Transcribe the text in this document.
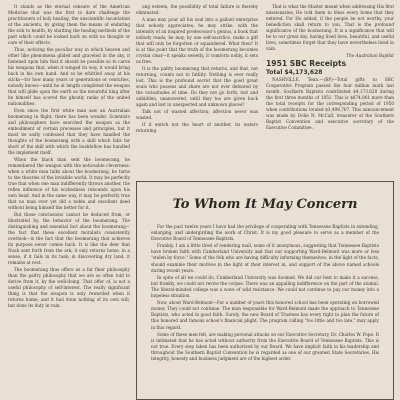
It stands as the eternal censure of the American Medicine that was the first to dare challenge the practitioners of holy healing, the unscientific incantation of the ancients, by giving them the means of enduring the sick to health, by shutting the healing methods of the past which could be looked back on with no thought or care of their effects.

Thus, noticing the peculiar way in which heaven and other like phenomena glided and graveled in the sky, it fastened upon him that it should be possible so to carve his weapons that, when it winged its way, it would bring back in his own hand. And so he whittled away at his sticks—for how many years or generations or centuries, nobody knows—until he at length completed the weapon that will glide upon the earth as the mournful king after he himself has scored the ghostly ranks of the united nationalities.

Even since the first white man saw an Australian boomerang in flight, there has been wonder. Scientists and philosophers have searched the weapon as the embodiment of certain processes and principles, but it must be sadly confessed that they have handled the thoughts of the boomerang with a skill which falls far short of the skill with which the bushfellow has handled the implement itself.

When the black man sent the boomerang, he remembered the weapon with the noticeable cleverness: when a white man talks about the boomerang, he turns to the theories of the invisible world. It may be perfectly true that when one man indifferently throws another, the reflex influence of his wickedness rebounds upon his own head. And in the same way, it may be perfectly true that no man ever yet did a noble and excellent deed without being himself the better for it.

But these conclusions cannot be deduced from, or illustrated by, the behavior of the boomerang. The distinguishing and essential fact about the boomerang—the fact that these excellent moralists consistently overlook—is the fact that the boomerang that achieves its purpose never comes back. It is like the deer that Noah sent forth from the ark; it only returns home, in a sense, if it fails in its task; in discovering dry land, it remains at rest.

The boomerang thus offers us a far finer philosophy than the paltry philosophy that we are so often told to derive from it, by the well-doing. That offer of, is not a useful philosophy of self-interest. The really significant thing is that the weapon is only rewarded when it returns home; and it had done nothing of its own will, but done its duty in vain.

ung esteem, the possibility of total failure is thereby eliminated.

A man may pour all his soul into a gallant enterprise that nobody appreciates; he may strike, with the intensity of an inspired predecessor's genius, a book that nobody reads; he may, by one self-sacrifice, make a gift that will only be forgotten or squandered. What then? It is at this point that the truth of the boomerang becomes crystal clear—it speaks sweetly, it comforts nobly, it sets us free.

It is the paltry boomerang that returns, and that, not returning, counts not to futility. Nothing is ever really lost. This is the profound secret that the good great souls who possess and share are not ever defeated by the vicissitudes of time. Do they not go forth, lost and unbidden, unanswered, until they too are given back again and lost in unexpected and unknown places?

Talk not of wasted affection; affection never was wasted.

If it enrich not the heart of another, its waters returning

That is what the Master meant when addressing His first missionaries, He told them to bless every home that they entered. For He added, if the people be not worthy, your benediction shall return to you. That is the profound significance of the boomerang. It is a significance that will be to our great day, having lived lives, beautiful, and useful lives, sometimes forget that they have nevertheless lived in vain.

The Australian Baptist

1951 SBC Receipts

Total $4,173,628

NASHVILLE, Tenn.—(BP)—Total gifts to SBC Cooperative Program passed the four million mark last month. Southern Baptists contributed $4,173,628 during the first three months of 1951. This is $674,861 more than the total receipts for the corresponding period of 1950 when contributions totaled $3,498,767. This announcement was made by Dolie N. McCall, treasurer of the Southern Baptist Convention and executive secretary of the Executive Committee.

To Whom It May Concern

For the past twelve years I have had the privilege of cooperating with Tennessee Baptists in extending, enlarging, and undergirding the work of Christ. It is my good pleasure to serve as a member of the Executive Board of Tennessee Baptists.

Frankly, I am a little tired of rendering mail, some of it anonymous, suggesting that Tennessee Baptists have broken faith with Cumberland University and that our supporting Ward-Belmont was more or less "stolen by force." Some of the folk who are having difficulty informing themselves, in the light of the facts, should examine their motives in the light of their interest in, and support of the above named schools during recent years.

In spite of all we could do, Cumberland University was doomed. We did our best to make it a success, but frankly, we could not revive the corpse. There was an appalling indifference on the part of the alumni. The liberal-minded college was a wave of wild resistance. We could not continue to pay our money into a hopeless situation.

Now, about Ward-Belmont—For a number of years this honored school has been operating on borrowed money. They could not continue. The man responsible for Ward-Belmont made the approach to Tennessee Baptists, who acted in good faith. Surely, the new Board of Trustees has every right to plan the future of this honored and famous school's financial plight. The program calling "too little and too late," may apply in this regard.

Some of these men felt, are making personal attacks on our Executive Secretary, Dr. Charles W. Pope. It is intimated that he has acted without authority from the Executive Board of Tennessee Baptists. This is not true. Every step taken has been authorized by our Board. We have implicit faith in his leadership and throughout the Southern Baptist Convention he is regarded as one of our greatest State Secretaries. His integrity, honesty and business judgment are of the highest order.
